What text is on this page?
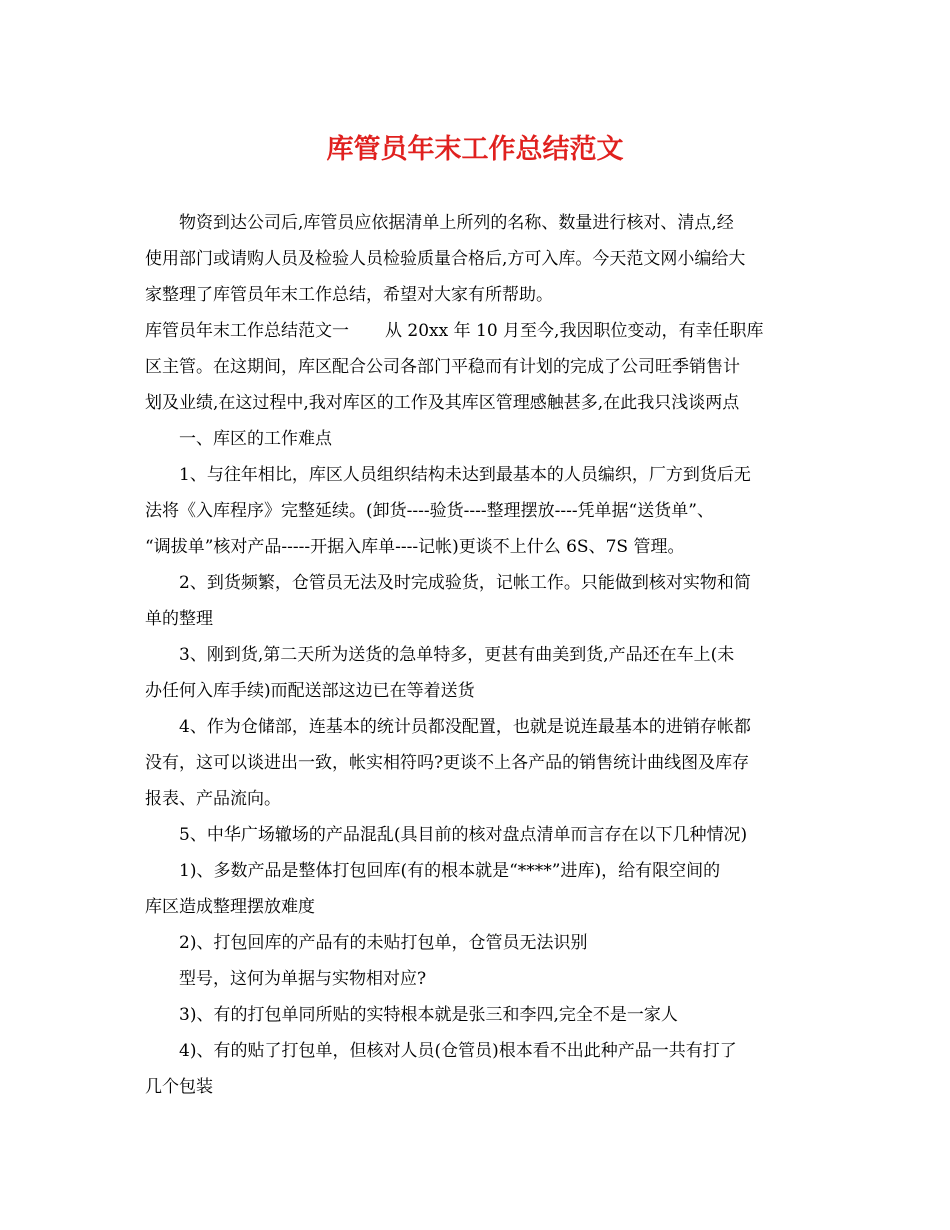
库管员年末工作总结范文
物资到达公司后,库管员应依据清单上所列的名称、数量进行核对、清点,经
使用部门或请购人员及检验人员检验质量合格后,方可入库。今天范文网小编给大
家整理了库管员年末工作总结，希望对大家有所帮助。
库管员年末工作总结范文一 从 20xx 年 10 月至今,我因职位变动，有幸任职库
区主管。在这期间，库区配合公司各部门平稳而有计划的完成了公司旺季销售计
划及业绩,在这过程中,我对库区的工作及其库区管理感触甚多,在此我只浅谈两点
一、库区的工作难点
1、与往年相比，库区人员组织结构未达到最基本的人员编织，厂方到货后无
法将《入库程序》完整延续。(卸货----验货----整理摆放----凭单据“送货单”、
“调拔单”核对产品-----开据入库单----记帐)更谈不上什么 6S、7S 管理。
2、到货频繁，仓管员无法及时完成验货，记帐工作。只能做到核对实物和简
单的整理
3、刚到货,第二天所为送货的急单特多，更甚有曲美到货,产品还在车上(未
办任何入库手续)而配送部这边已在等着送货
4、作为仓储部，连基本的统计员都没配置，也就是说连最基本的进销存帐都
没有，这可以谈进出一致，帐实相符吗?更谈不上各产品的销售统计曲线图及库存
报表、产品流向。
5、中华广场辙场的产品混乱(具目前的核对盘点清单而言存在以下几种情况)
1)、多数产品是整体打包回库(有的根本就是“****”进库)，给有限空间的
库区造成整理摆放难度
2)、打包回库的产品有的未贴打包单，仓管员无法识别
型号，这何为单据与实物相对应?
3)、有的打包单同所贴的实特根本就是张三和李四,完全不是一家人
4)、有的贴了打包单，但核对人员(仓管员)根本看不出此种产品一共有打了
几个包装
